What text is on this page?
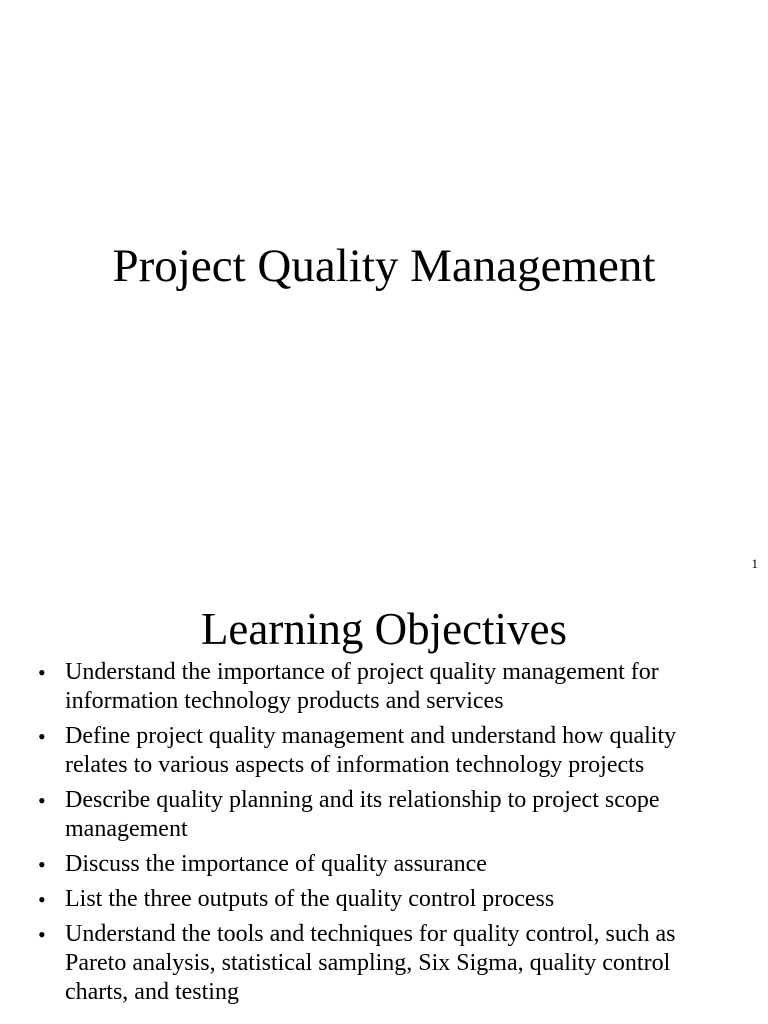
Project Quality Management
1
Learning Objectives
• Understand the importance of project quality management for information technology products and services
• Define project quality management and understand how quality relates to various aspects of information technology projects
• Describe quality planning and its relationship to project scope management
• Discuss the importance of quality assurance
• List the three outputs of the quality control process
• Understand the tools and techniques for quality control, such as Pareto analysis, statistical sampling, Six Sigma, quality control charts, and testing
